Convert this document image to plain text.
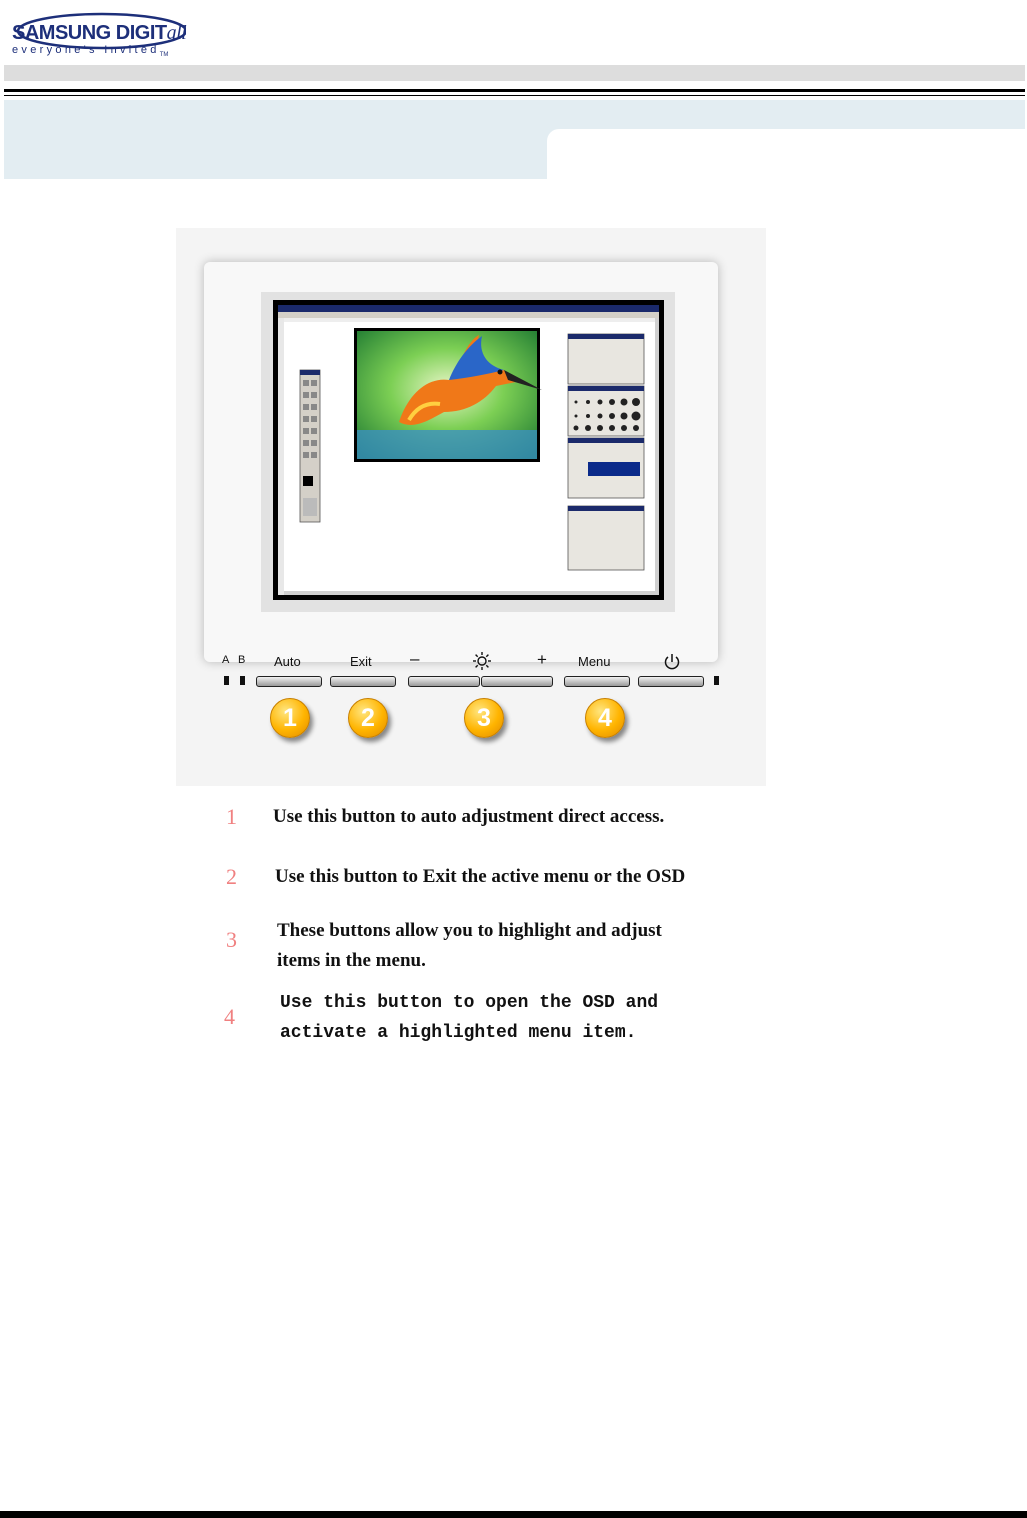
SAMSUNG DIGITall
everyone's Invited$_{TM}$
A B Auto	Exit –	+ Menu
1	2	3	4
1 Use this button to auto adjustment direct access.
2 Use this button to Exit the active menu or the OSD
3 These buttons allow you to highlight and adjust
items in the menu.
4
Use this button to open the OSD and
activate a highlighted menu item.
